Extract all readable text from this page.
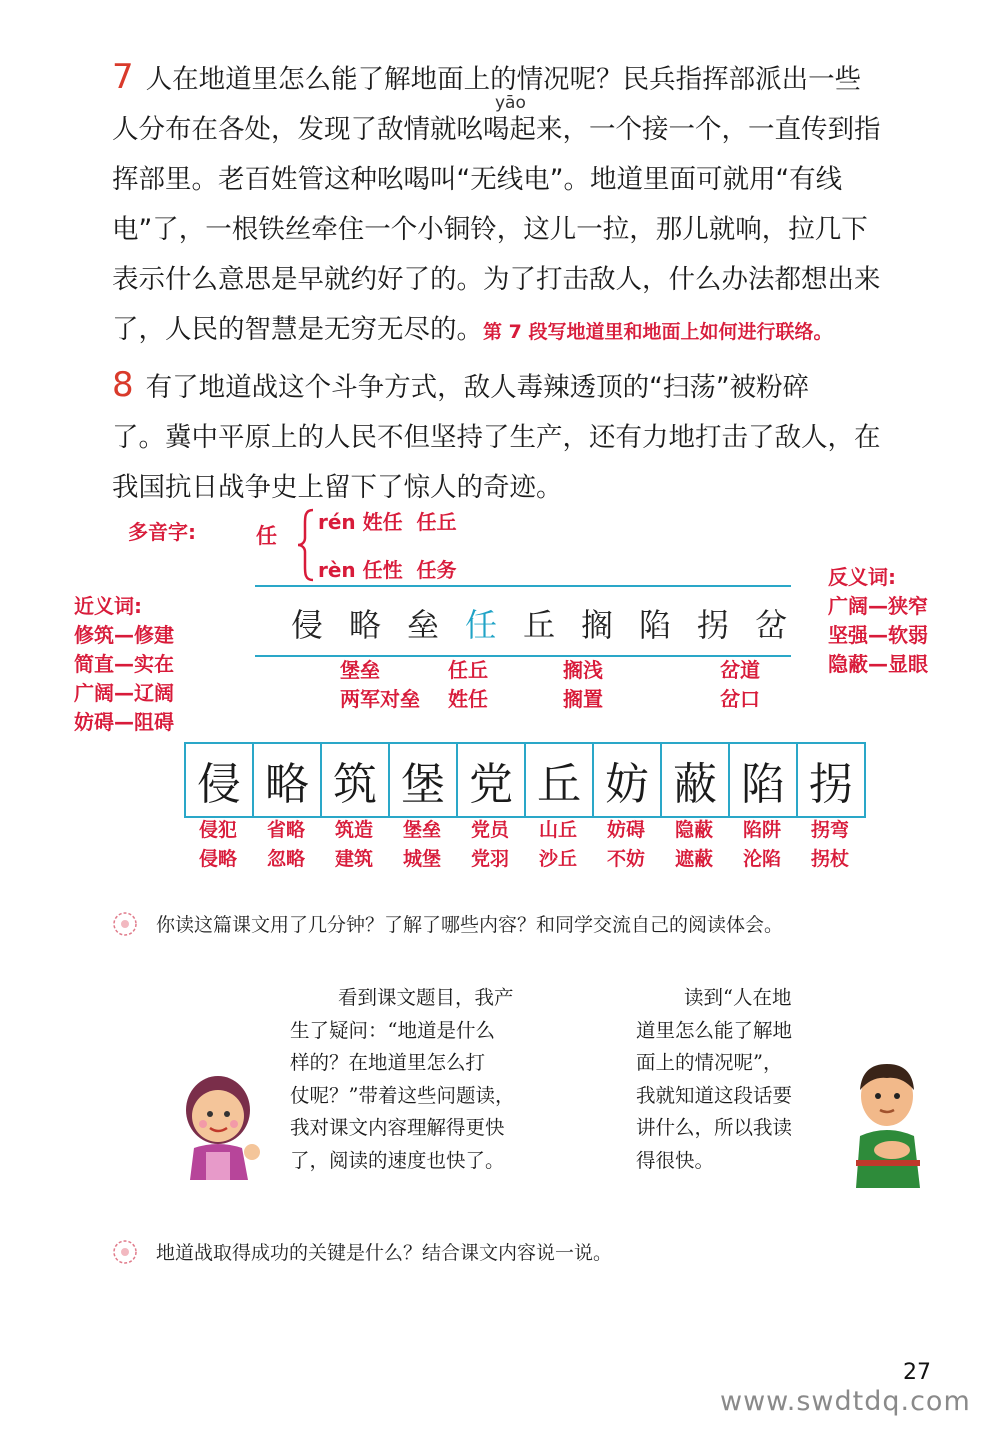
7 人在地道里怎么能了解地面上的情况呢？民兵指挥部派出一些
人分布在各处，发现了敌情就吆喝起来，一个接一个，一直传到指
挥部里。老百姓管这种吆喝叫“无线电”。地道里面可就用“有线
电”了，一根铁丝牵住一个小铜铃，这儿一拉，那儿就响，拉几下
表示什么意思是早就约好了的。为了打击敌人，什么办法都想出来
了，人民的智慧是无穷无尽的。第 7 段写地道里和地面上如何进行联络。
yāo
8 有了地道战这个斗争方式，敌人毒辣透顶的“扫荡”被粉碎
了。冀中平原上的人民不但坚持了生产，还有力地打击了敌人，在
我国抗日战争史上留下了惊人的奇迹。
多音字:	任
rén 姓任  任丘
rèn 任性  任务
近义词:
修筑—修建
简直—实在
广阔—辽阔
妨碍—阻碍
反义词:
广阔—狭窄
坚强—软弱
隐蔽—显眼
侵 略 垒 任 丘 搁 陷 拐 岔
堡垒
两军对垒
任丘
姓任
搁浅
搁置
岔道
岔口
侵 略 筑 堡 党 丘 妨 蔽 陷 拐
侵犯
侵略
省略
忽略
筑造
建筑
堡垒
城堡
党员
党羽
山丘
沙丘
妨碍
不妨
隐蔽
遮蔽
陷阱
沦陷
拐弯
拐杖
你读这篇课文用了几分钟？了解了哪些内容？和同学交流自己的阅读体会。
看到课文题目，我产
生了疑问：“地道是什么
样的？在地道里怎么打
仗呢？”带着这些问题读，
我对课文内容理解得更快
了，阅读的速度也快了。
读到“人在地
道里怎么能了解地
面上的情况呢”，
我就知道这段话要
讲什么，所以我读
得很快。
地道战取得成功的关键是什么？结合课文内容说一说。
27
www.swdtdq.com
